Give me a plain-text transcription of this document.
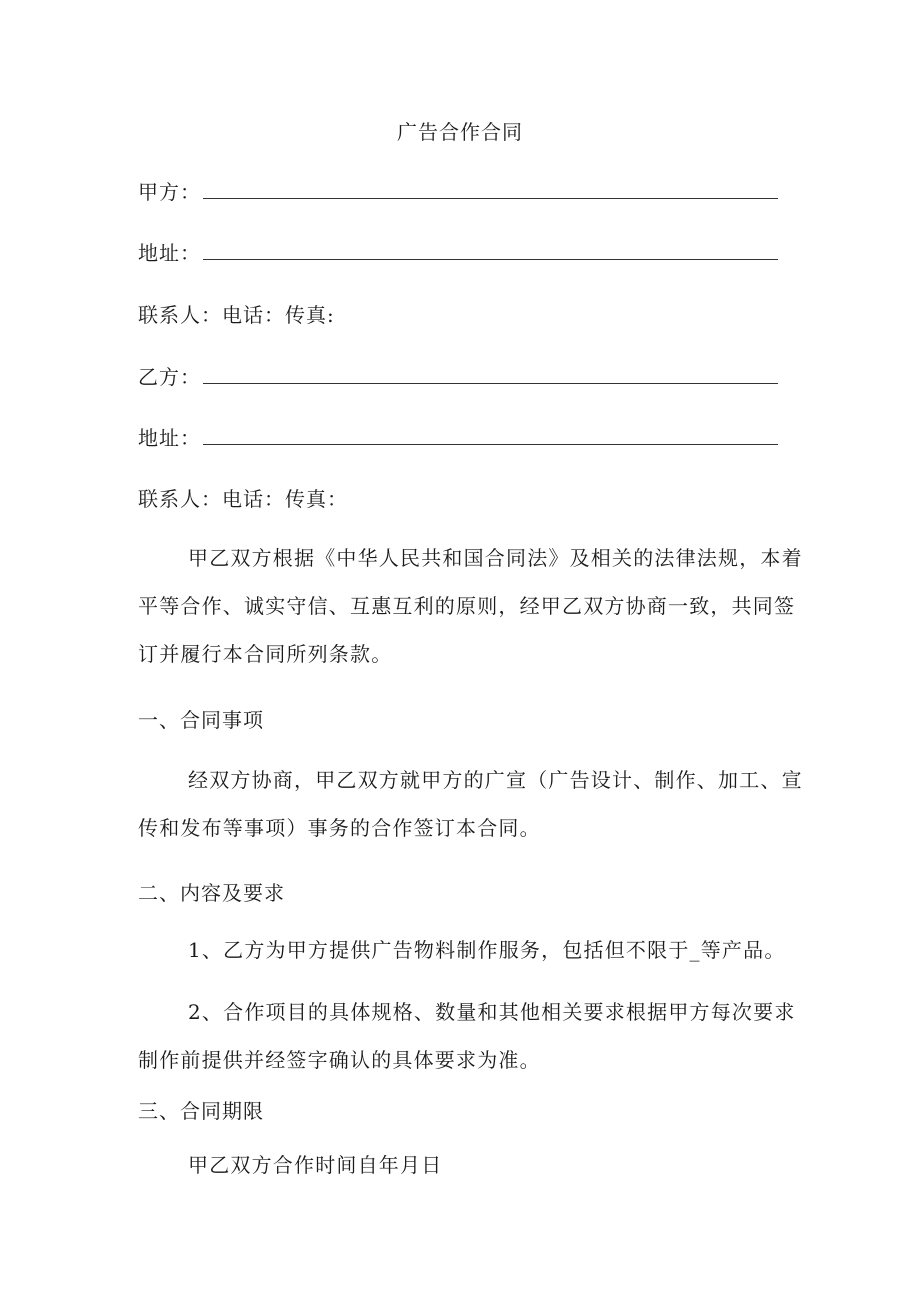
广告合作合同
甲方：
地址：
联系人：电话：传真:
乙方：
地址：
联系人：电话：传真：
甲乙双方根据《中华人民共和国合同法》及相关的法律法规，本着平等合作、诚实守信、互惠互利的原则，经甲乙双方协商一致，共同签订并履行本合同所列条款。
一、合同事项
经双方协商，甲乙双方就甲方的广宣（广告设计、制作、加工、宣传和发布等事项）事务的合作签订本合同。
二、内容及要求
1、乙方为甲方提供广告物料制作服务，包括但不限于_等产品。
2、合作项目的具体规格、数量和其他相关要求根据甲方每次要求制作前提供并经签字确认的具体要求为准。
三、合同期限
甲乙双方合作时间自年月日
